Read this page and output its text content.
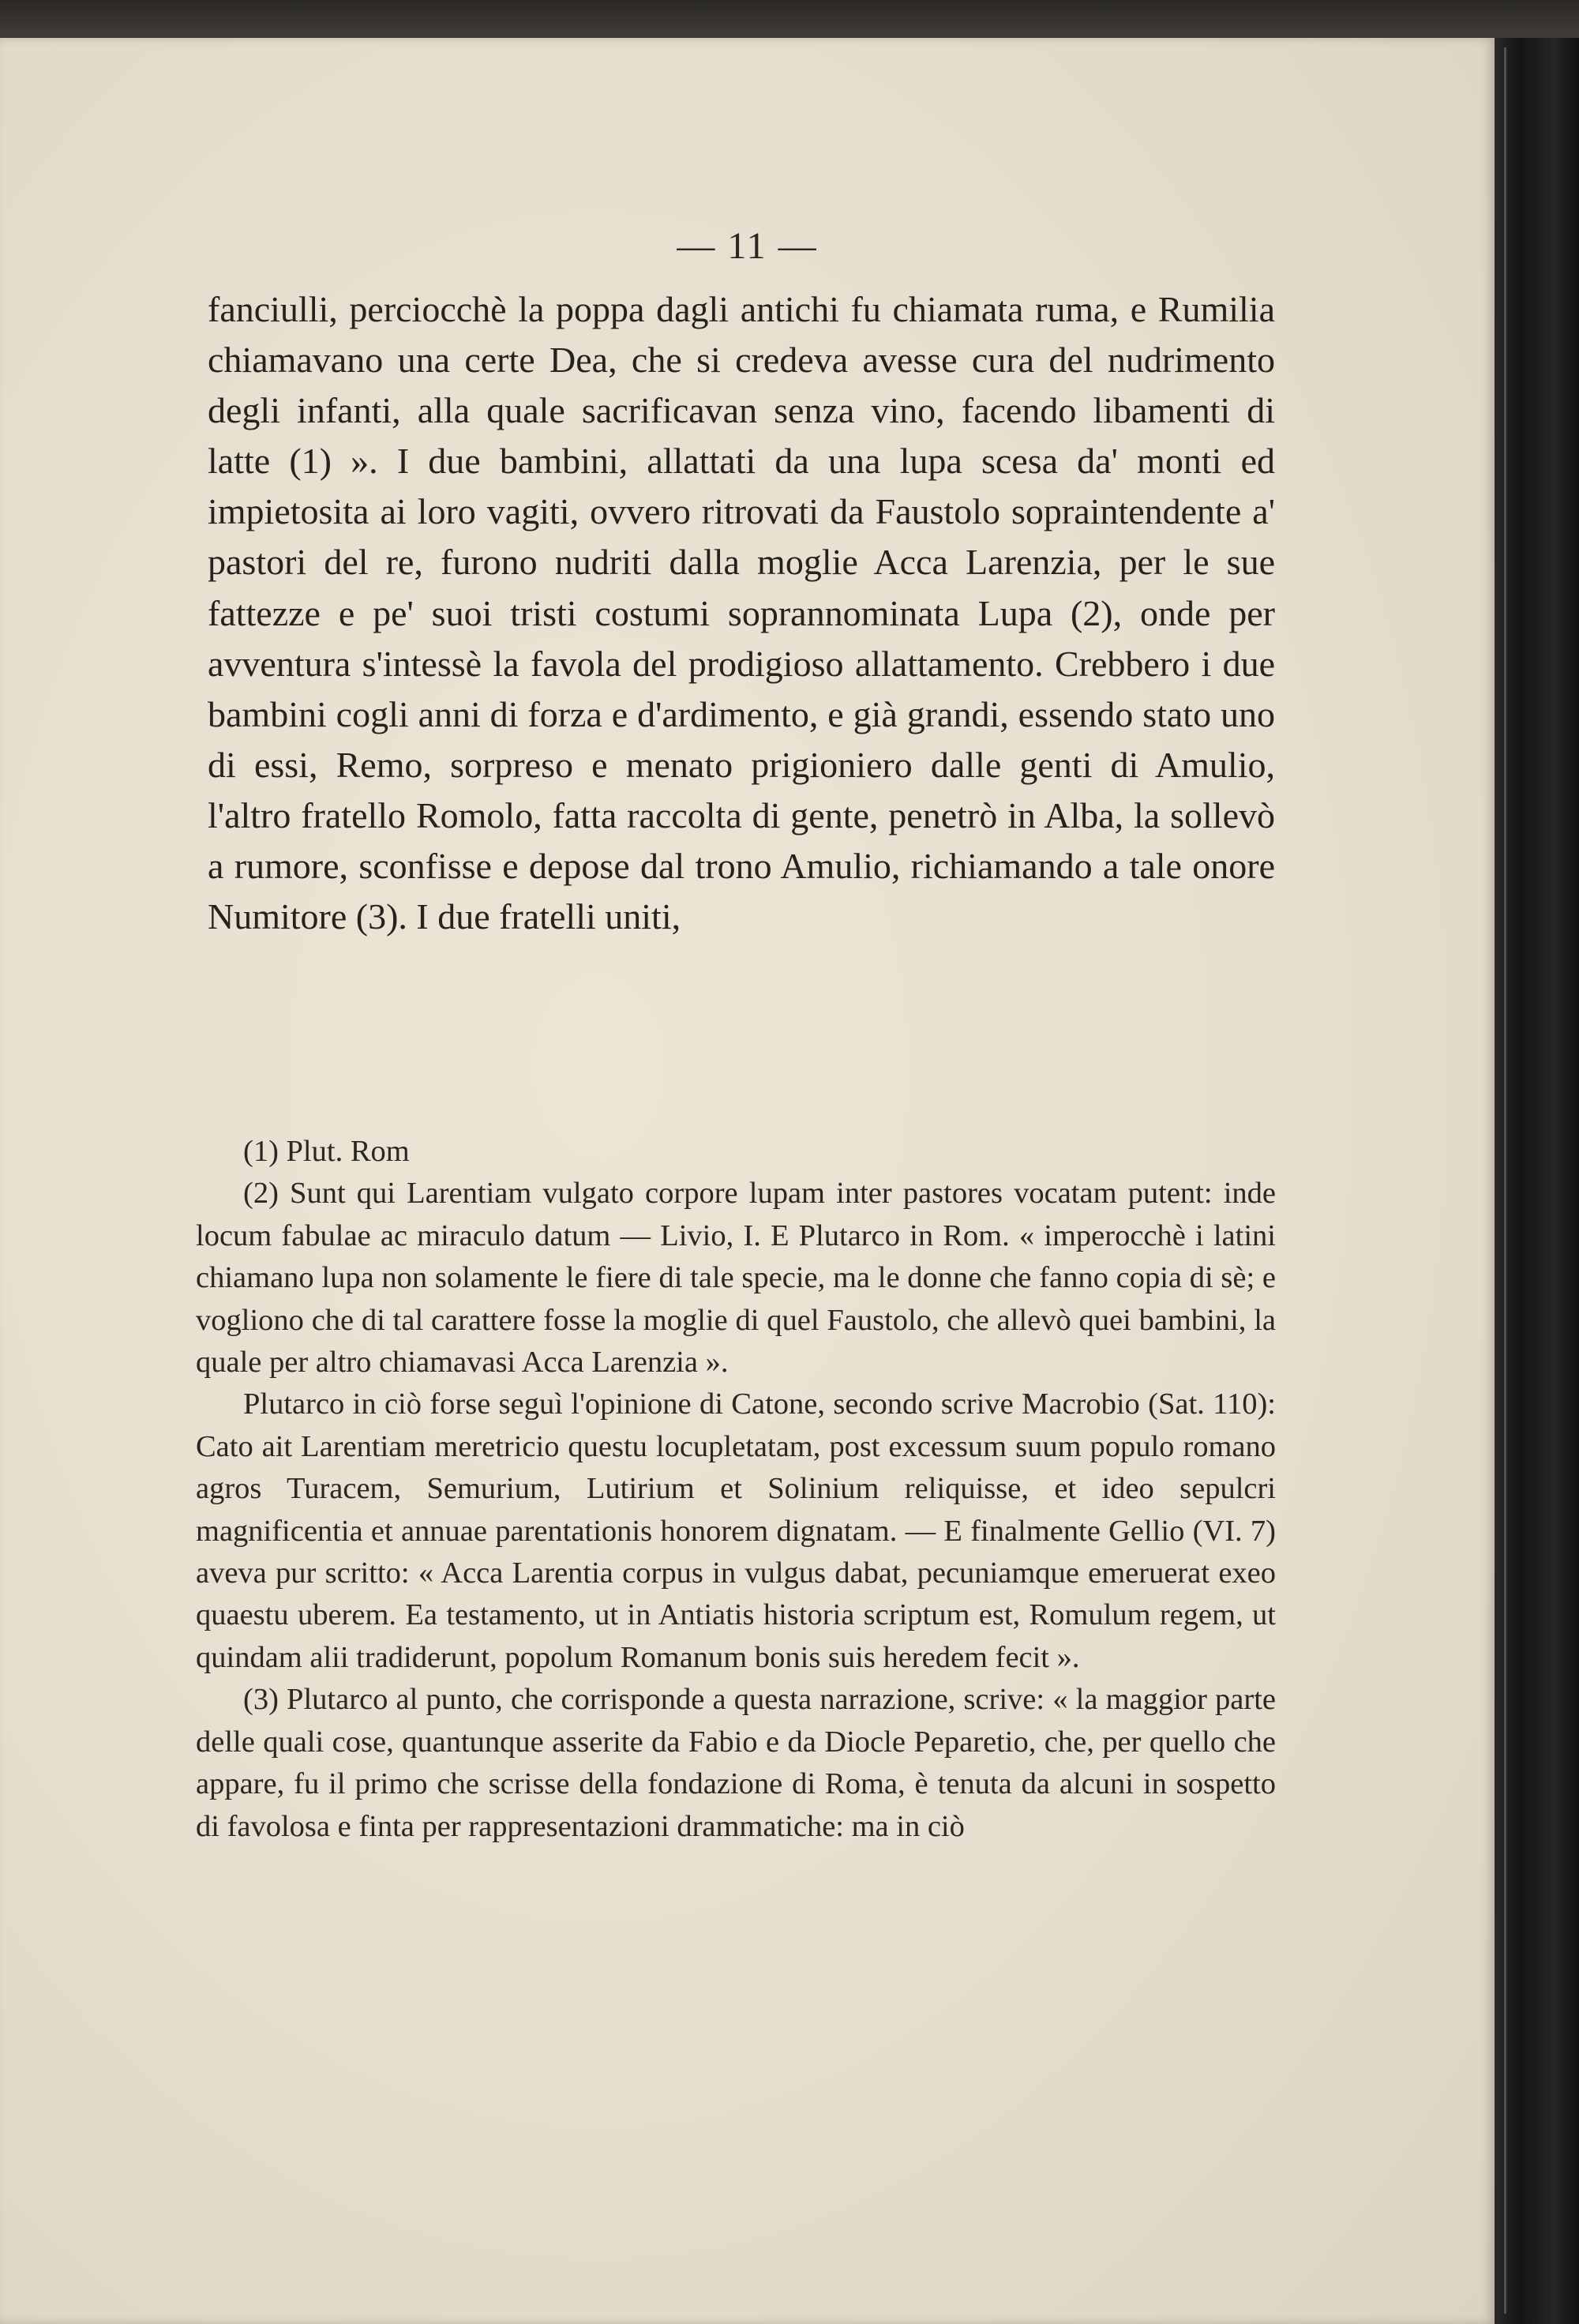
— 11 —

fanciulli, perciocchè la poppa dagli antichi fu chiamata ruma, e Rumilia chiamavano una certe Dea, che si credeva avesse cura del nudrimento degli infanti, alla quale sacrificavan senza vino, facendo libamenti di latte (1) ». I due bambini, allattati da una lupa scesa da' monti ed impietosita ai loro vagiti, ovvero ritrovati da Faustolo sopraintendente a' pastori del re, furono nudriti dalla moglie Acca Larenzia, per le sue fattezze e pe' suoi tristi costumi soprannominata Lupa (2), onde per avventura s'intessè la favola del prodigioso allattamento. Crebbero i due bambini cogli anni di forza e d'ardimento, e già grandi, essendo stato uno di essi, Remo, sorpreso e menato prigioniero dalle genti di Amulio, l'altro fratello Romolo, fatta raccolta di gente, penetrò in Alba, la sollevò a rumore, sconfisse e depose dal trono Amulio, richiamando a tale onore Numitore (3). I due fratelli uniti,

(1) Plut. Rom

(2) Sunt qui Larentiam vulgato corpore lupam inter pastores vocatam putent: inde locum fabulae ac miraculo datum — Livio, I. E Plutarco in Rom. « imperocchè i latini chiamano lupa non solamente le fiere di tale specie, ma le donne che fanno copia di sè; e vogliono che di tal carattere fosse la moglie di quel Faustolo, che allevò quei bambini, la quale per altro chiamavasi Acca Larenzia ».

Plutarco in ciò forse seguì l'opinione di Catone, secondo scrive Macrobio (Sat. 110): Cato ait Larentiam meretricio questu locupletatam, post excessum suum populo romano agros Turacem, Semurium, Lutirium et Solinium reliquisse, et ideo sepulcri magnificentia et annuae parentationis honorem dignatam. — E finalmente Gellio (VI. 7) aveva pur scritto: « Acca Larentia corpus in vulgus dabat, pecuniamque emeruerat exeo quaestu uberem. Ea testamento, ut in Antiatis historia scriptum est, Romulum regem, ut quindam alii tradiderunt, popolum Romanum bonis suis heredem fecit ».

(3) Plutarco al punto, che corrisponde a questa narrazione, scrive: « la maggior parte delle quali cose, quantunque asserite da Fabio e da Diocle Peparetio, che, per quello che appare, fu il primo che scrisse della fondazione di Roma, è tenuta da alcuni in sospetto di favolosa e finta per rappresentazioni drammatiche: ma in ciò
